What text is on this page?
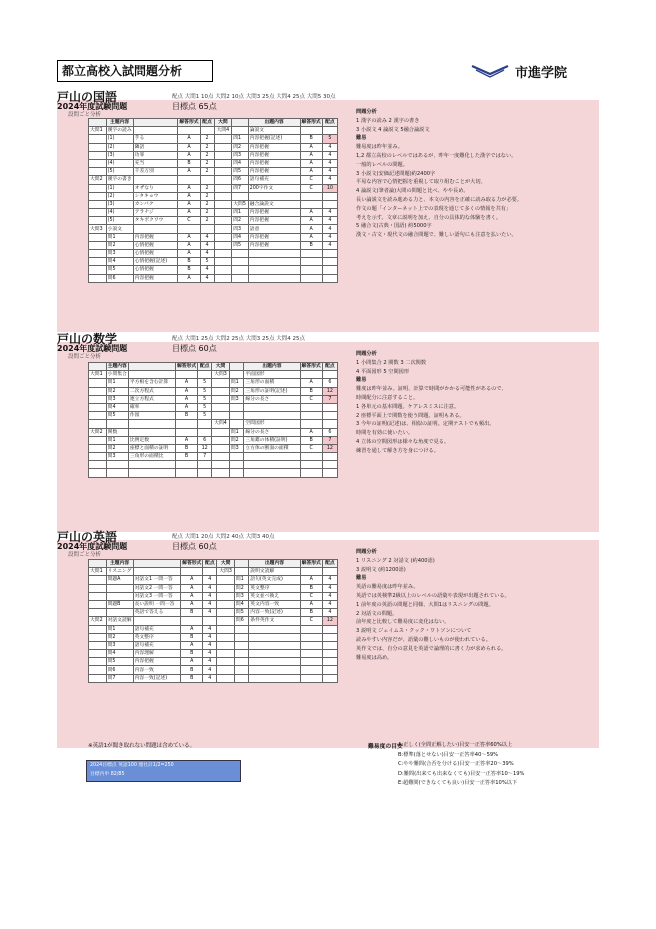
都立高校入試問題分析	市進学院
戸山の国語	配点 大問1 10点 大問2 10点 大問3 25点 大問4 25点 大問5 30点
2024年度試験問題	目標点 65点
設問ごと分析
	主題内容		解答形式	配点	大問		出題内容	解答形式	配点
大問1	漢字の読み				大問4		論説文		
	(1)	芋る	A	2		問1	内容把握(記述)	B	5
	(2)	隣語	A	2		問2	内容把握	A	4
	(3)	功罪	A	2		問3	内容把握	A	4
	(4)	充当	B	2		問4	内容把握	A	4
	(5)	千差万別	A	2		問5	内容把握	A	4
大問2	漢字の書き					問6	語句補充	C	4
	(1)	オザなり	A	2		問7	200字作文	C	10
	(2)	シタキョウ	A	2					
	(3)	カンバク	A	2		大問5	融合論説文		
	(4)	アラナジ	A	2		問1	内容把握	A	4
	(5)	タキボクワウ	C	2		問2	内容把握	A	4
大問3	小説文					問3	語意	A	4
	問1	内容把握	A	4		問4	内容把握	A	4
	問2	心情把握	A	4		問5	内容把握	B	4
	問3	心情把握	A	4					
	問4	心情把握(記述)	B	5					
	問5	心情把握	B	4					
	問6	内容把握	A	4					
問題分析
1 漢字の読み 2 漢字の書き
3 小説文 4 論説文 5融合論説文
難易
難易度は昨年並み。
1,2 都立高校のレベルではあるが、昨年一度難化した漢字ではない。
一般的レベルの問題。
3 小説文(安価記述問題)約2400字
平易な内容で心情把握を重視して取り組むことが大切。
4 論説文(筆者論)大問の問題と比べ、やや長め。
長い論説文を読み進める力と、本文の内容を正確に読み取る力が必要。
作文の題「インターネット上での表現を通じて多くの情報を共有」
考えを示す。文章に説明を加え、自分の具体的な体験を書く。
5 融合文(古典・国語) 約5000字
漢文・古文・現代文の融合問題で、難しい語句にも注意を払いたい。
戸山の数学	配点 大問1 25点 大問2 25点 大問3 25点 大問4 25点
2024年度試験問題	目標点 60点
設問ごと分析
	主題内容		解答形式	配点	大問		出題内容	解答形式	配点
大問1	小問集合				大問3		平面図形		
	問1	平方根を含む計算	A	5		問1	三角形の面積	A	6
	問2	二次方程式	A	5		問2	三角形の証明(記述)	B	12
	問3	連立方程式	A	5		問3	線分の長さ	C	7
	問4	確率	A	5					
	問5	作図	B	5					
					大問4		空間図形		
大問2	関数					問1	線分の長さ	A	6
	問1	比例定数	A	6		問2	三角錐の体積(証明)	B	7
	問2	座標と面積の証明	B	12		問3	立方体の断面の面積	C	12
	問3	三角形の面積比	B	7					

問題分析
1 小問集合 2 関数 3 二次関数
4 平面図形 5 空間図形
難易
難度は昨年並み。証明、計算で時間がかかる可能性があるので、
時間配分に注意すること。
1 各単元の基本問題。ケアレスミスに注意。
2 座標平面上で関数を使う問題。証明もある。
3 今年の証明(記述)は、相似の証明。定期テストでも頻出。
時間を有効に使いたい。
4 立体の空間図形は様々な角度で見る。
練習を通して解き方を身につける。
戸山の英語	配点 大問1 20点 大問2 40点 大問3 40点
2024年度試験問題	目標点 60点
設問ごと分析
	主題内容		解答形式	配点	大問		出題内容	解答形式	配点
大問1	リスニング				大問3		説明文読解		
	問題A	対話文1 一問一答	A	4		問1	語句(英文完成)	A	4
		対話文2 一問一答	A	4		問2	英文整序	B	4
		対話文3 一問一答	A	4		問3	英文並べ換え	C	4
	問題B	長い説明 一問一答	A	4		問4	英文内容一致	A	4
		英語で答える	B	4		問5	内容一致(記述)	B	4
大問2	対話文読解					問6	条件英作文	C	12
	問1	語句補充	A	4					
	問2	英文整序	B	4					
	問3	語句補充	A	4					
	問4	内容理解	B	4					
	問5	内容把握	A	4					
	問6	内容一致	B	4					
	問7	内容一致(記述)	B	4					
問題分析
1 リスニング 2 対話文 (約400語)
3 説明文 (約1200語)
難易
英語の難易度は昨年並み。
英語では英検準2級以上のレベルの語彙や表現が出題されている。
1 前年度の英語の問題と同様、大問1はリスニングの問題。
2 対話文の問題。
前年度と比較して難易度に変化はない。
3 説明文 ジェイムス・クック・ワトソンについて
読みやすい内容だが、語彙の難しいものが使われている。
英作文では、自分の意見を英語で論理的に書く力が求められる。
難易度は高め。
※英語1が聞き取れない問題は含めている。
2024目標点 英語100 理社計1/2=250
目標内申 82/85
難易度の目安
A:正しく(全問正解したい)目安一正答率60%以上
B:標準(落とせない)目安一正答率40〜59%
C:やや難問(合否を分ける)目安一正答率20〜39%
D:難問(出来ても出来なくても)目安一正答率10〜19%
E:超難問(できなくても良い)目安一正答率10%以下
